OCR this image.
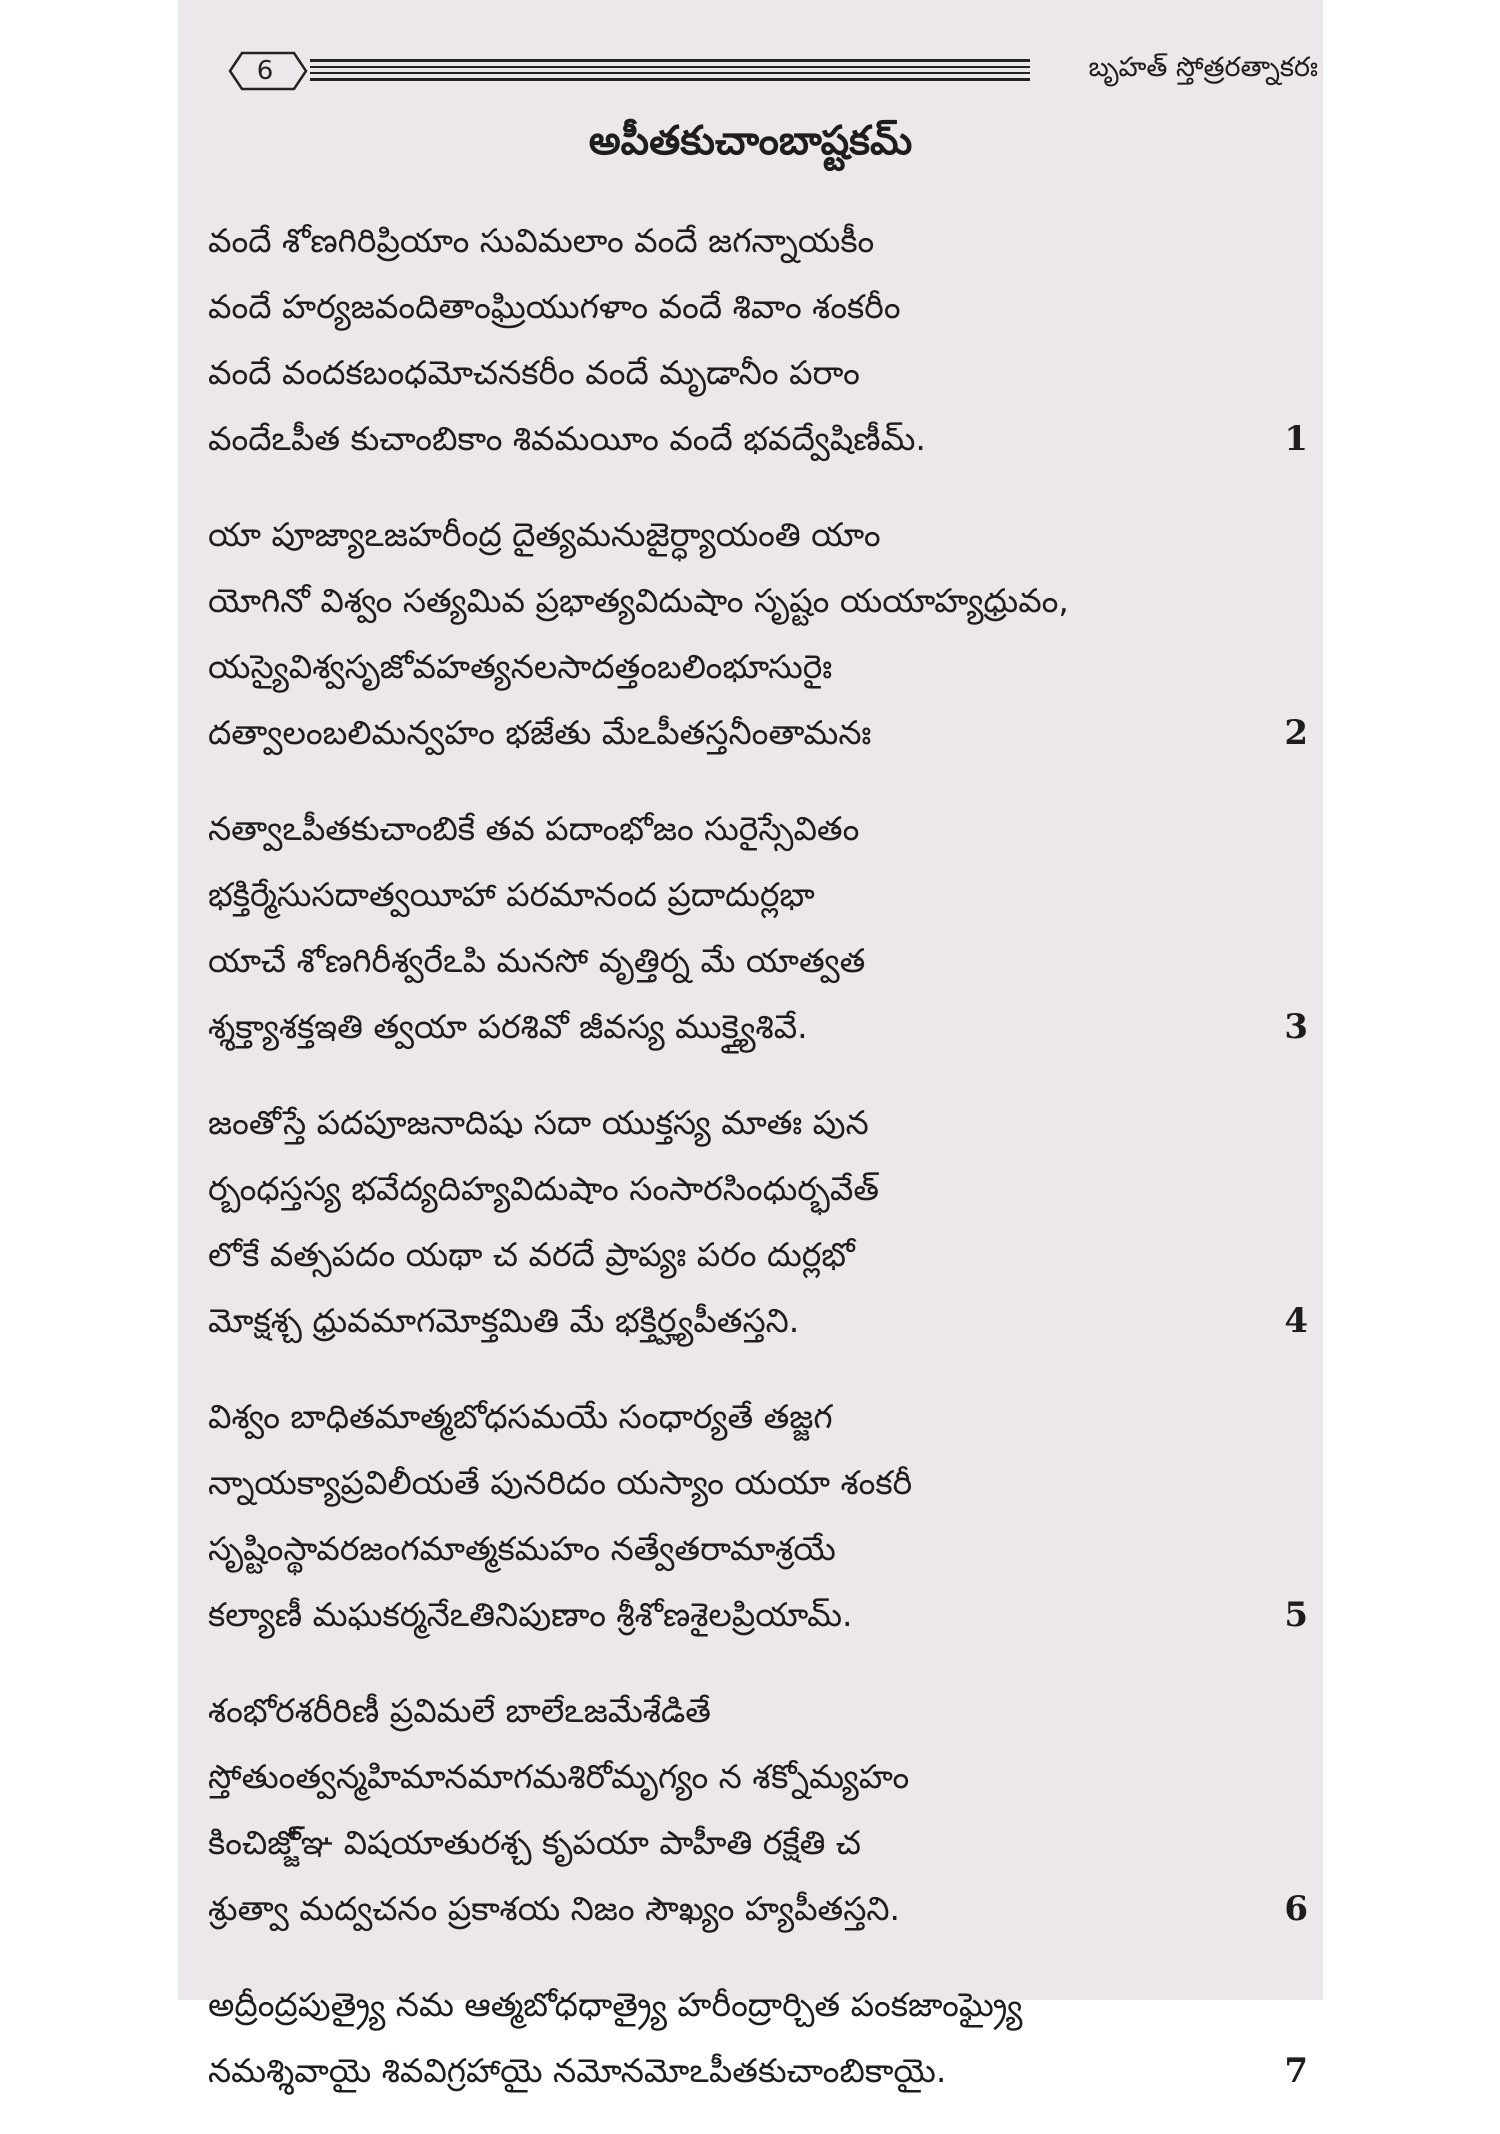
6	బృహత్ స్తోత్రరత్నాకరః
అపీతకుచాంబాష్టకమ్
వందే శోణగిరిప్రియాం సువిమలాం వందే జగన్నాయకీం
వందే హర్యజవందితాంఘ్రియుగళాం వందే శివాం శంకరీం
వందే వందకబంధమోచనకరీం వందే మృడానీం పరాం
వందేఽపీత కుచాంబికాం శివమయీం వందే భవద్వేషిణీమ్.	1
యా పూజ్యాఽజహరీంద్ర దైత్యమనుజైర్ధ్యాయంతి యాం
యోగినో విశ్వం సత్యమివ ప్రభాత్యవిదుషాం సృష్టం యయాహ్యధ్రువం,
యస్యైవిశ్వసృజోవహత్యనలసాదత్తంబలింభూసురైః
దత్వాలంబలిమన్వహం భజేతు మేఽపీతస్తనీంతామనః	2
నత్వాఽపీతకుచాంబికే తవ పదాంభోజం సురైస్సేవితం
భక్తిర్మేసుసదాత్వయీహా పరమానంద ప్రదాదుర్లభా
యాచే శోణగిరీశ్వరేఽపి మనసో వృత్తిర్న మే యాత్వత
శ్శక్త్యాశక్తఇతి త్వయా పరశివో జీవస్య ముక్త్యైశివే.	3
జంతోస్తే పదపూజనాదిషు సదా యుక్తస్య మాతః పున
ర్బంధస్తస్య భవేద్యదిహ్యవిదుషాం సంసారసింధుర్భవేత్
లోకే వత్సపదం యథా చ వరదే ప్రాప్యః పరం దుర్లభో
మోక్షశ్చ ధ్రువమాగమోక్తమితి మే భక్తిర్హ్యపీతస్తని.	4
విశ్వం బాధితమాత్మబోధసమయే సంధార్యతే తజ్జగ
న్నాయక్యాప్రవిలీయతే పునరిదం యస్యాం యయా శంకరీ
సృష్టింస్థావరజంగమాత్మకమహం నత్వేతరామాశ్రయే
కల్యాణీ మఘకర్మనేఽతినిపుణాం శ్రీశోణశైలప్రియామ్.	5
శంభోరశరీరిణీ ప్రవిమలే బాలేఽజమేశేడితే
స్తోతుంత్వన్మహిమానమాగమశిరోమృగ్యం న శక్నోమ్యహం
కించిజ్జో్ఞ విషయాతురశ్చ కృపయా పాహీతి రక్షేతి చ
శ్రుత్వా మద్వచనం ప్రకాశయ నిజం సౌఖ్యం హ్యపీతస్తని.	6
అద్రీంద్రపుత్ర్యై నమ ఆత్మబోధధాత్ర్యై హరీంద్రార్చిత పంకజాంఘ్ర్యై
నమశ్శివాయై శివవిగ్రహాయై నమోనమోఽపీతకుచాంబికాయై.	7
